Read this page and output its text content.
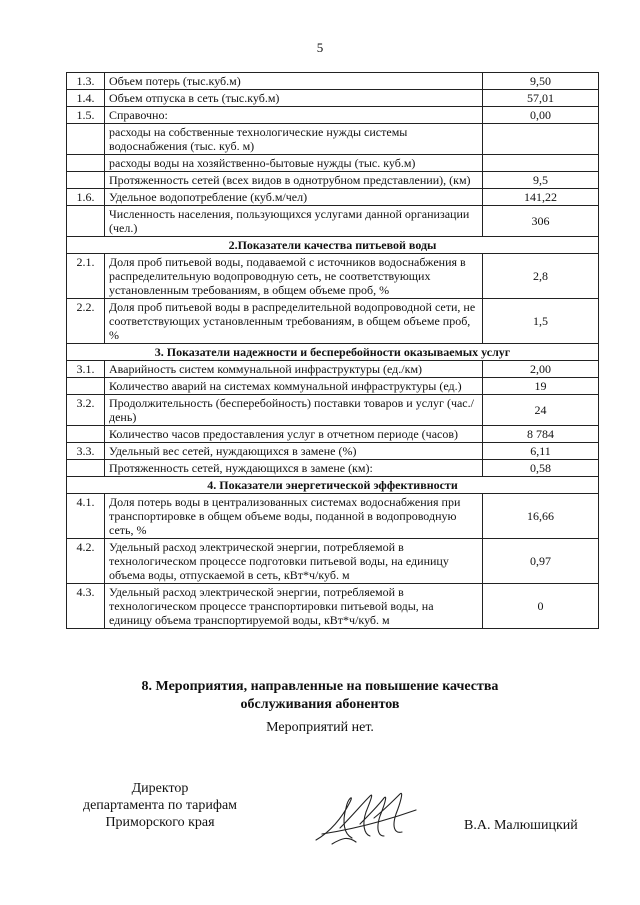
5
1.3.	Объем потерь (тыс.куб.м)	9,50
1.4.	Объем отпуска в сеть (тыс.куб.м)	57,01
1.5.	Справочно:	0,00
	расходы на собственные технологические нужды системы водоснабжения (тыс. куб. м)	
	расходы воды на хозяйственно-бытовые нужды (тыс. куб.м)	
	Протяженность сетей (всех видов в однотрубном представлении), (км)	9,5
1.6.	Удельное водопотребление (куб.м/чел)	141,22
	Численность населения, пользующихся услугами данной организации (чел.)	306
2.Показатели качества питьевой воды		
2.1.	Доля проб питьевой воды, подаваемой с источников водоснабжения в распределительную водопроводную сеть, не соответствующих установленным требованиям, в общем объеме проб, %	2,8
2.2.	Доля проб питьевой воды в распределительной водопроводной сети, не соответствующих установленным требованиям, в общем объеме проб, %	1,5
3. Показатели надежности и бесперебойности оказываемых услуг		
3.1.	Аварийность систем коммунальной инфраструктуры (ед./км)	2,00
	Количество аварий на системах коммунальной инфраструктуры (ед.)	19
3.2.	Продолжительность (бесперебойность) поставки товаров и услуг (час./день)	24
	Количество часов предоставления услуг в отчетном периоде (часов)	8 784
3.3.	Удельный вес сетей, нуждающихся в замене (%)	6,11
	Протяженность сетей, нуждающихся в замене (км):	0,58
4. Показатели энергетической эффективности		
4.1.	Доля потерь воды в централизованных системах водоснабжения при транспортировке в общем объеме воды, поданной в водопроводную сеть, %	16,66
4.2.	Удельный расход электрической энергии, потребляемой в технологическом процессе подготовки питьевой воды, на единицу объема воды, отпускаемой в сеть, кВт*ч/куб. м	0,97
4.3.	Удельный расход электрической энергии, потребляемой в технологическом процессе транспортировки питьевой воды, на единицу объема транспортируемой воды, кВт*ч/куб. м	0
8. Мероприятия, направленные на повышение качества
обслуживания абонентов
Мероприятий нет.
Директор
департамента по тарифам
Приморского края	В.А. Малюшицкий
